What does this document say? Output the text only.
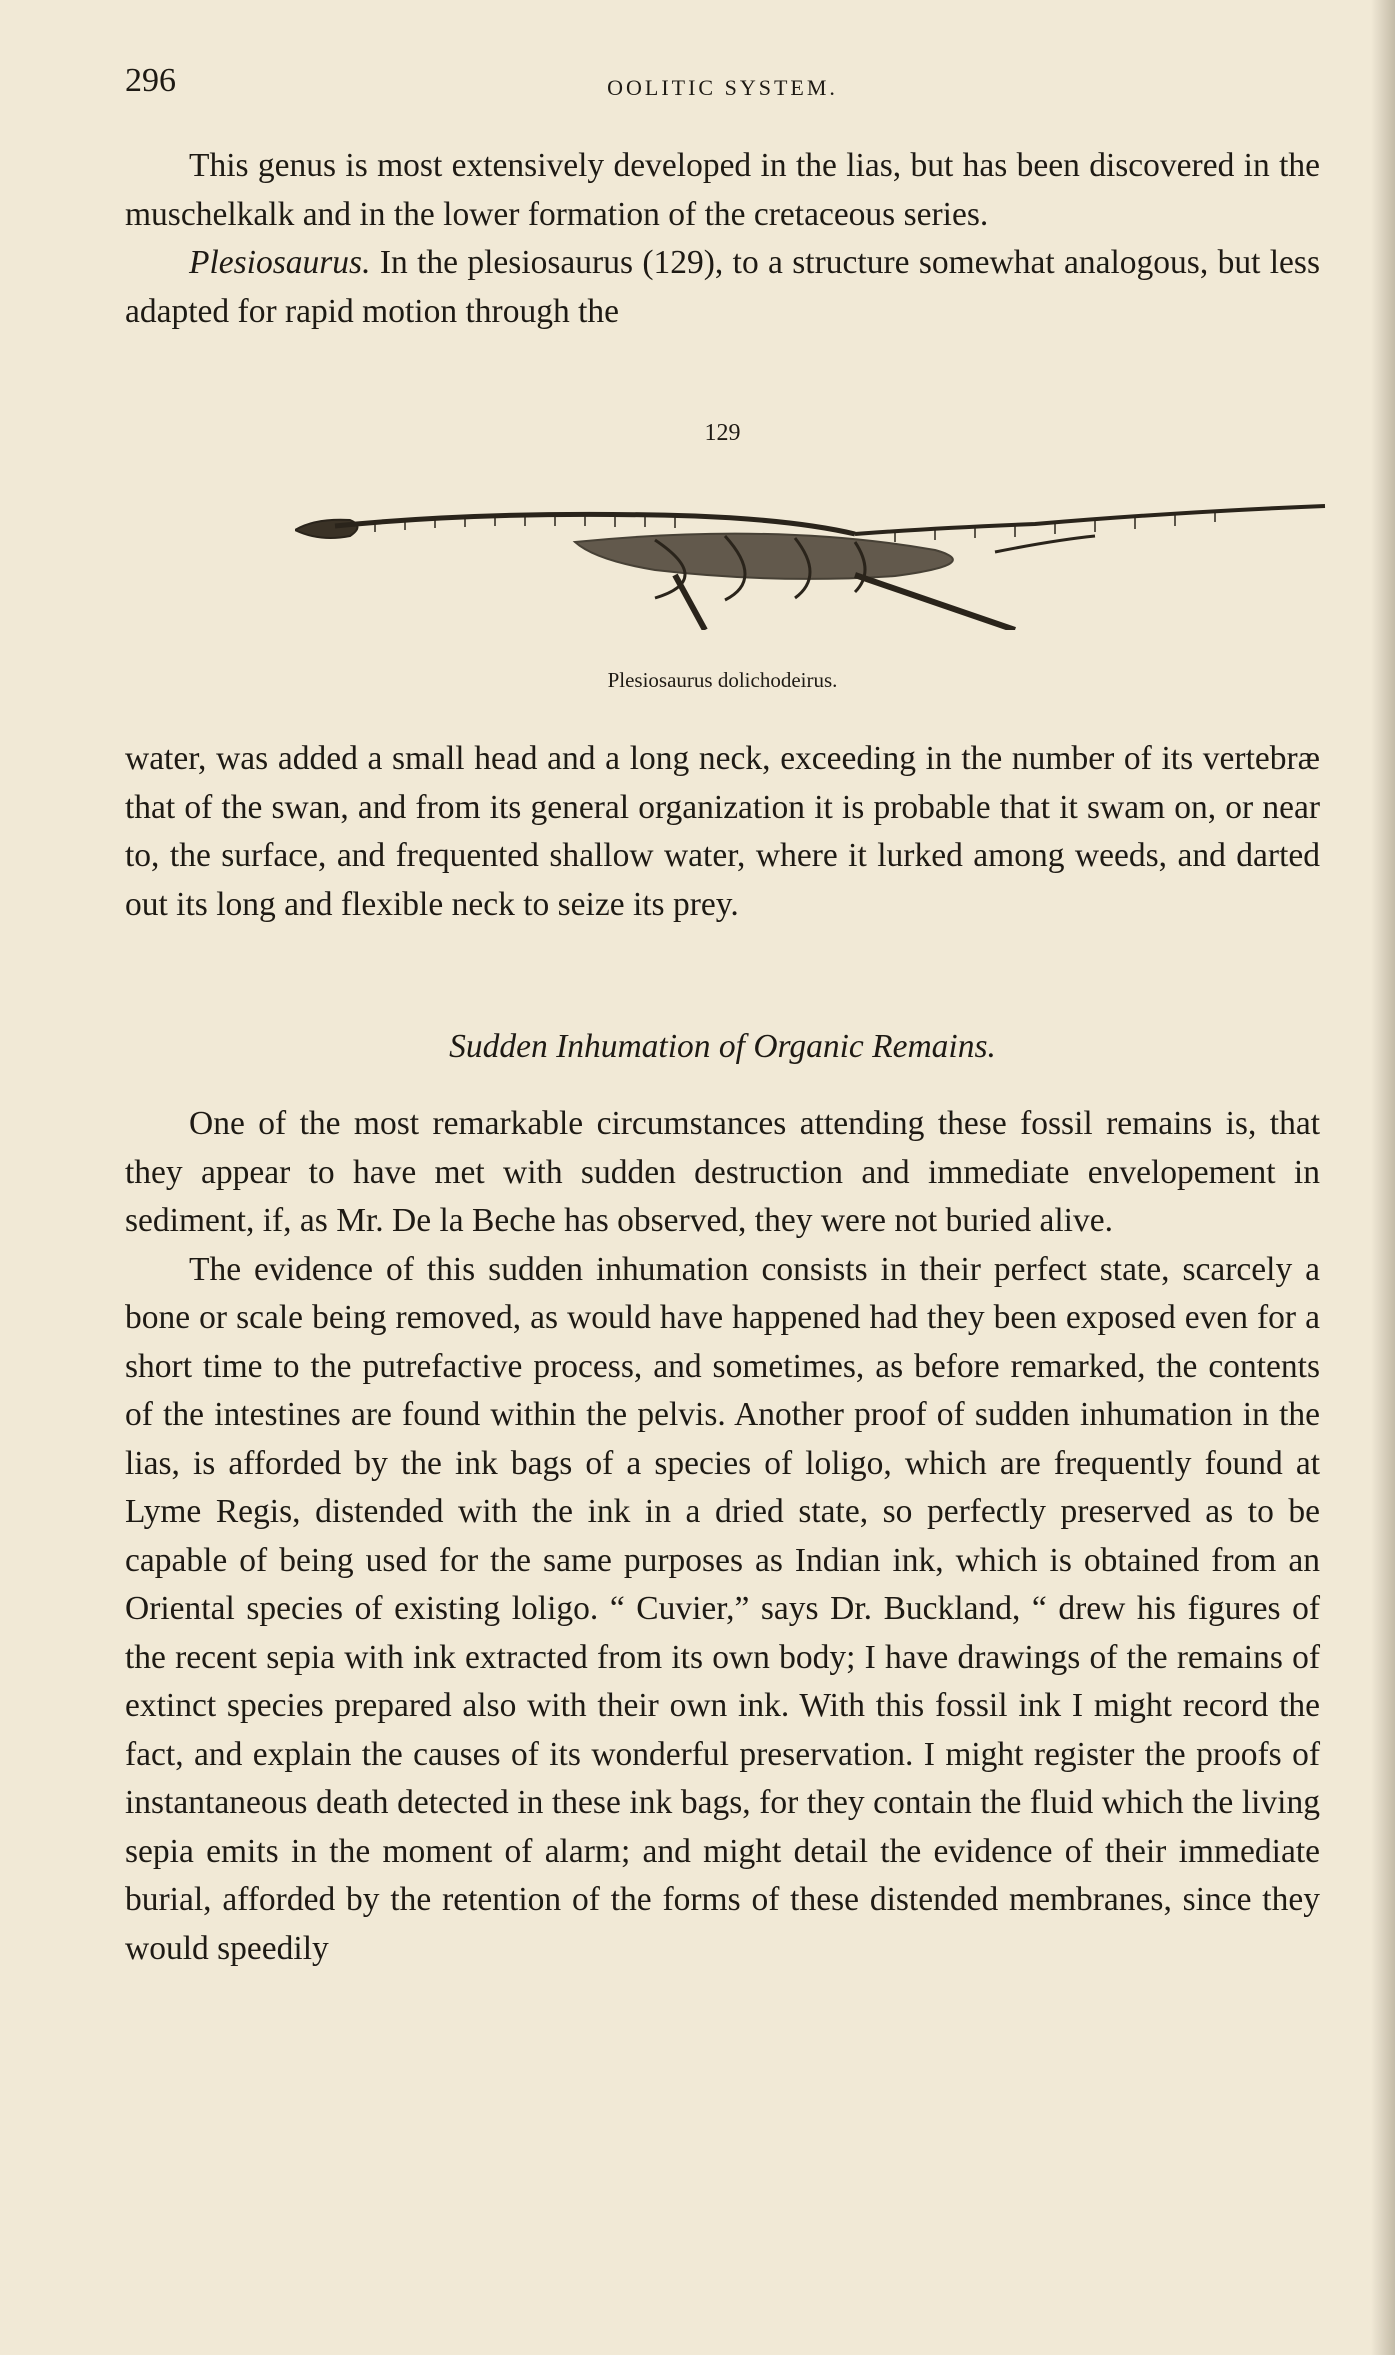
296	OOLITIC SYSTEM.

This genus is most extensively developed in the lias, but has been discovered in the muschelkalk and in the lower formation of the cretaceous series.

Plesiosaurus. In the plesiosaurus (129), to a structure somewhat analogous, but less adapted for rapid motion through the

129
Plesiosaurus dolichodeirus.

water, was added a small head and a long neck, exceeding in the number of its vertebræ that of the swan, and from its general organization it is probable that it swam on, or near to, the surface, and frequented shallow water, where it lurked among weeds, and darted out its long and flexible neck to seize its prey.

Sudden Inhumation of Organic Remains.

One of the most remarkable circumstances attending these fossil remains is, that they appear to have met with sudden destruction and immediate envelopement in sediment, if, as Mr. De la Beche has observed, they were not buried alive.

The evidence of this sudden inhumation consists in their perfect state, scarcely a bone or scale being removed, as would have happened had they been exposed even for a short time to the putrefactive process, and sometimes, as before remarked, the contents of the intestines are found within the pelvis. Another proof of sudden inhumation in the lias, is afforded by the ink bags of a species of loligo, which are frequently found at Lyme Regis, distended with the ink in a dried state, so perfectly preserved as to be capable of being used for the same purposes as Indian ink, which is obtained from an Oriental species of existing loligo. “ Cuvier,” says Dr. Buckland, “ drew his figures of the recent sepia with ink extracted from its own body; I have drawings of the remains of extinct species prepared also with their own ink. With this fossil ink I might record the fact, and explain the causes of its wonderful preservation. I might register the proofs of instantaneous death detected in these ink bags, for they contain the fluid which the living sepia emits in the moment of alarm; and might detail the evidence of their immediate burial, afforded by the retention of the forms of these distended membranes, since they would speedily
